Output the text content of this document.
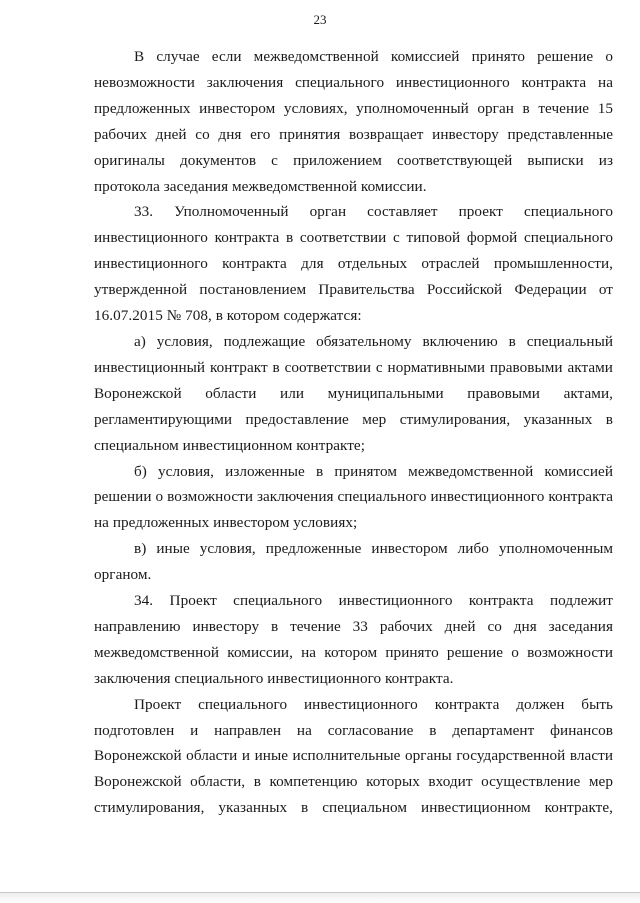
23

В случае если межведомственной комиссией принято решение о невозможности заключения специального инвестиционного контракта на предложенных инвестором условиях, уполномоченный орган в течение 15 рабочих дней со дня его принятия возвращает инвестору представленные оригиналы документов с приложением соответствующей выписки из протокола заседания межведомственной комиссии.

33. Уполномоченный орган составляет проект специального инвестиционного контракта в соответствии с типовой формой специального инвестиционного контракта для отдельных отраслей промышленности, утвержденной постановлением Правительства Российской Федерации от 16.07.2015 № 708, в котором содержатся:

а) условия, подлежащие обязательному включению в специальный инвестиционный контракт в соответствии с нормативными правовыми актами Воронежской области или муниципальными правовыми актами, регламентирующими предоставление мер стимулирования, указанных в специальном инвестиционном контракте;

б) условия, изложенные в принятом межведомственной комиссией решении о возможности заключения специального инвестиционного контракта на предложенных инвестором условиях;

в) иные условия, предложенные инвестором либо уполномоченным органом.

34. Проект специального инвестиционного контракта подлежит направлению инвестору в течение 33 рабочих дней со дня заседания межведомственной комиссии, на котором принято решение о возможности заключения специального инвестиционного контракта.

Проект специального инвестиционного контракта должен быть подготовлен и направлен на согласование в департамент финансов Воронежской области и иные исполнительные органы государственной власти Воронежской области, в компетенцию которых входит осуществление мер стимулирования, указанных в специальном инвестиционном контракте,
